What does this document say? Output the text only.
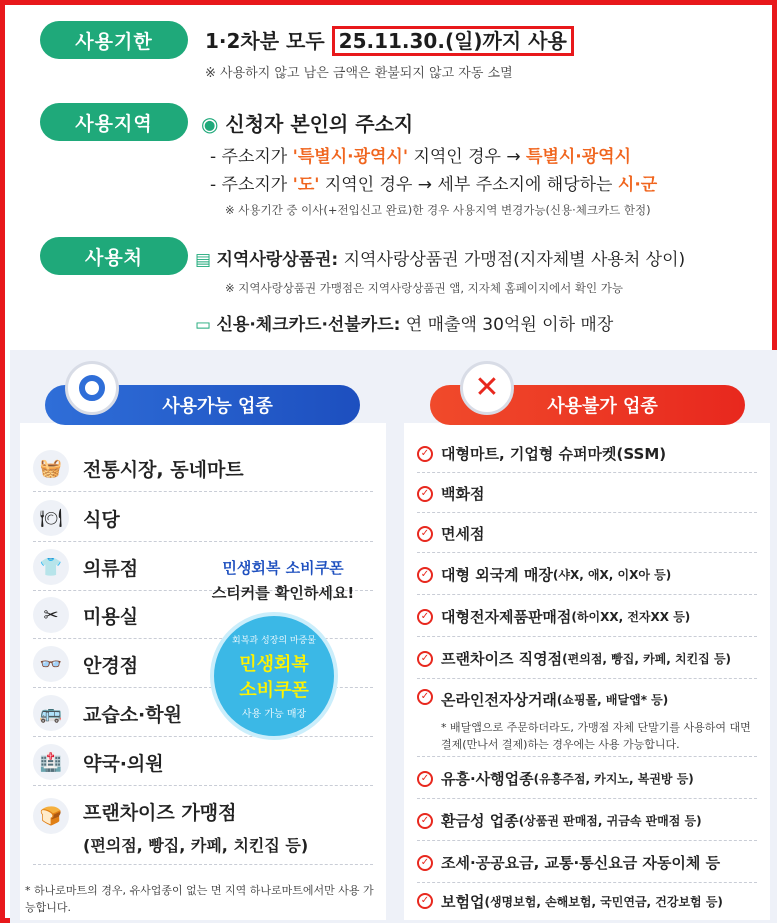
사용기한	1·2차분 모두 25.11.30.(일)까지 사용
※ 사용하지 않고 남은 금액은 환불되지 않고 자동 소멸
사용지역	◉ 신청자 본인의 주소지
- 주소지가 '특별시·광역시' 지역인 경우 → 특별시·광역시
- 주소지가 '도' 지역인 경우 → 세부 주소지에 해당하는 시·군
※ 사용기간 중 이사(+전입신고 완료)한 경우 사용지역 변경가능(신용·체크카드 한정)
사용처	▤ 지역사랑상품권: 지역사랑상품권 가맹점(지자체별 사용처 상이)
※ 지역사랑상품권 가맹점은 지역사랑상품권 앱, 지자체 홈페이지에서 확인 가능
▭ 신용·체크카드·선불카드: 연 매출액 30억원 이하 매장
사용가능 업종	사용불가 업종
✕
🧺	전통시장, 동네마트
🍽	식당
👕	의류점
✂	미용실
👓	안경점
🚌	교습소·학원
🏥	약국·의원
🍞	프랜차이즈 가맹점
(편의점, 빵집, 카페, 치킨집 등)
* 하나로마트의 경우, 유사업종이 없는 면 지역 하나로마트에서만 사용 가능합니다.
민생회복 소비쿠폰
스티커를 확인하세요!
회복과 성장의 마중물
민생회복
소비쿠폰
사용 가능 매장
✓ 대형마트, 기업형 슈퍼마켓(SSM)
✓ 백화점
✓ 면세점
✓ 대형 외국계 매장 (샤X, 애X, 이X아 등)
✓ 대형전자제품판매점 (하이XX, 전자XX 등)
✓ 프랜차이즈 직영점 (편의점, 빵집, 카페, 치킨집 등)
✓ 온라인전자상거래 (쇼핑몰, 배달앱* 등)
* 배달앱으로 주문하더라도, 가맹점 자체 단말기를 사용하여 대면 결제(만나서 결제)하는 경우에는 사용 가능합니다.
✓ 유흥·사행업종 (유흥주점, 카지노, 복권방 등)
✓ 환금성 업종 (상품권 판매점, 귀금속 판매점 등)
✓ 조세·공공요금, 교통·통신요금 자동이체 등
✓ 보험업 (생명보험, 손해보험, 국민연금, 건강보험 등)
